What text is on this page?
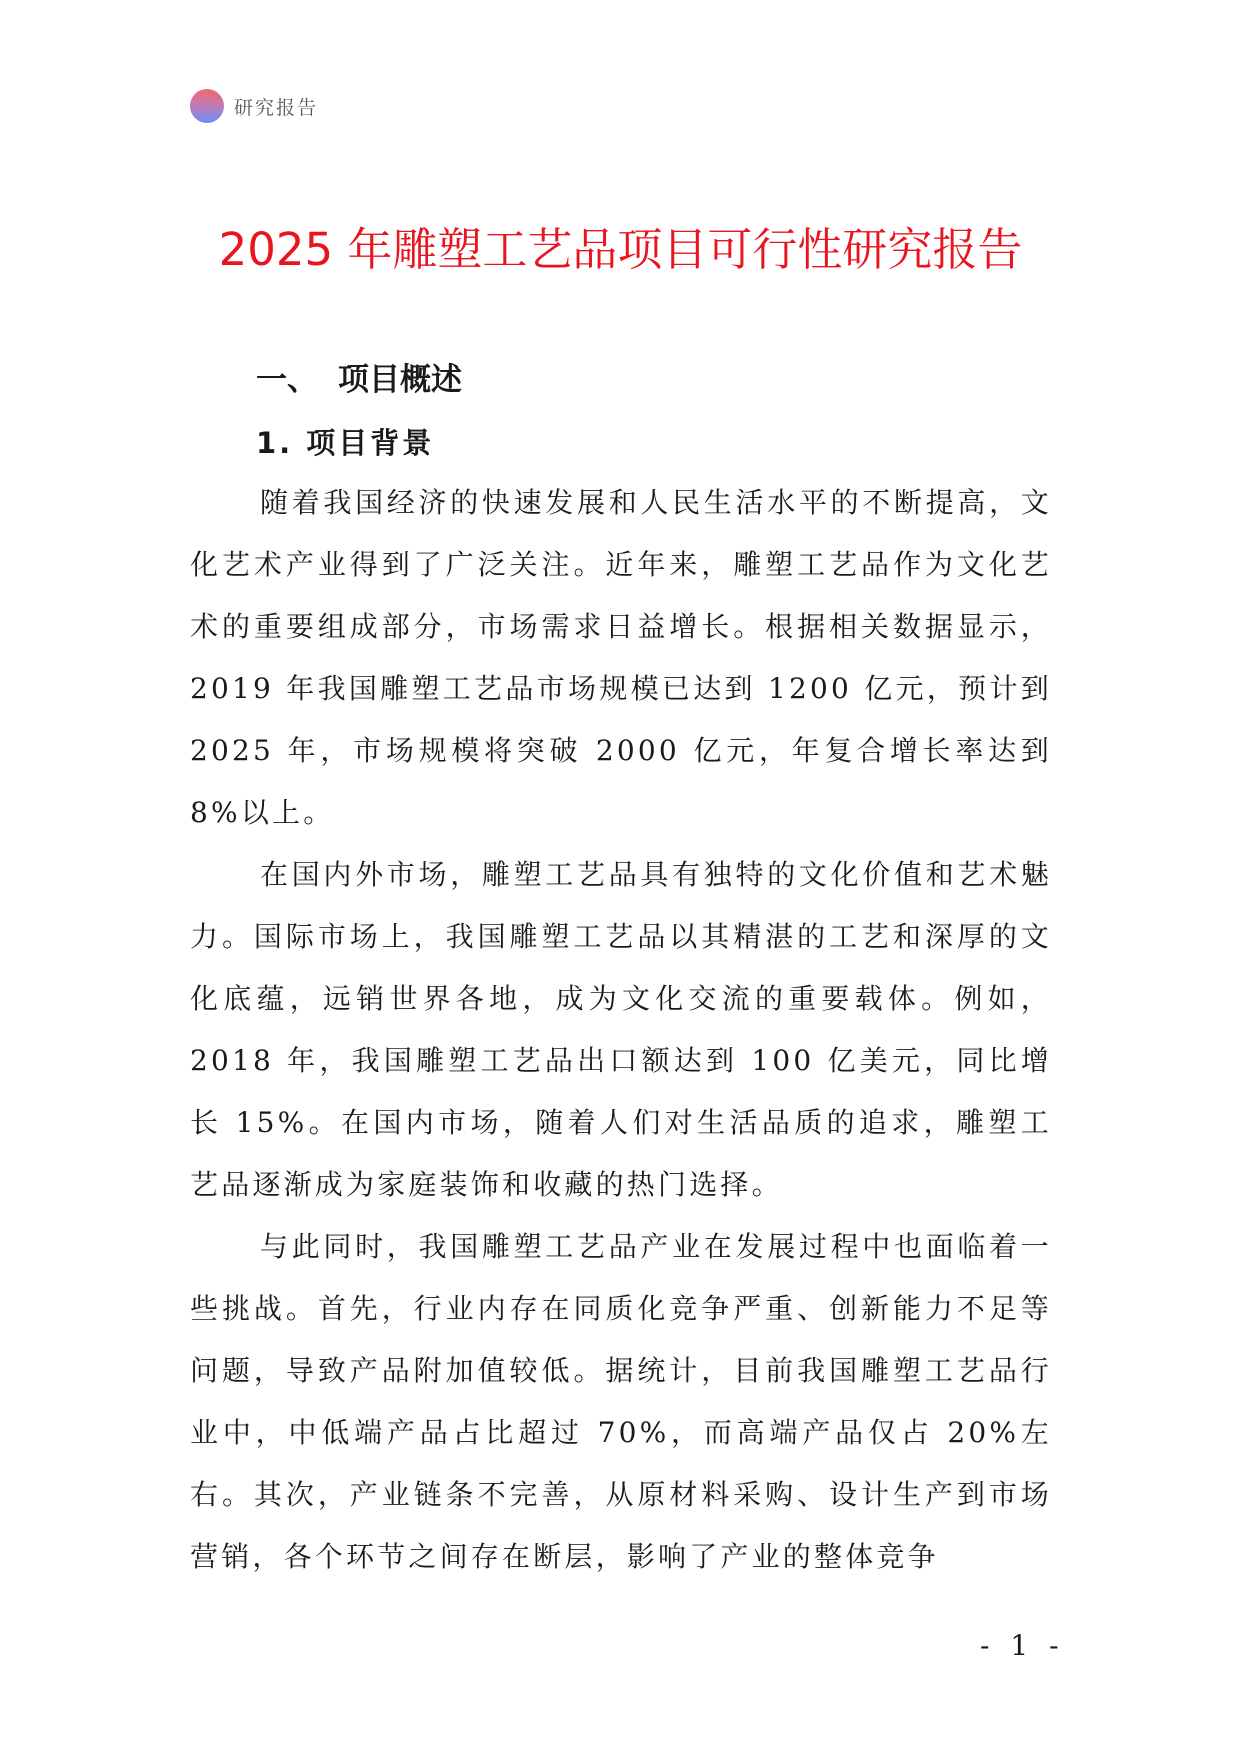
研究报告
2025 年雕塑工艺品项目可行性研究报告
一、 项目概述
1. 项目背景

随着我国经济的快速发展和人民生活水平的不断提高，文化艺术产业得到了广泛关注。近年来，雕塑工艺品作为文化艺术的重要组成部分，市场需求日益增长。根据相关数据显示，2019 年我国雕塑工艺品市场规模已达到 1200 亿元，预计到 2025 年，市场规模将突破 2000 亿元，年复合增长率达到 8%以上。

在国内外市场，雕塑工艺品具有独特的文化价值和艺术魅力。国际市场上，我国雕塑工艺品以其精湛的工艺和深厚的文化底蕴，远销世界各地，成为文化交流的重要载体。例如，2018 年，我国雕塑工艺品出口额达到 100 亿美元，同比增长 15%。在国内市场，随着人们对生活品质的追求，雕塑工艺品逐渐成为家庭装饰和收藏的热门选择。

与此同时，我国雕塑工艺品产业在发展过程中也面临着一些挑战。首先，行业内存在同质化竞争严重、创新能力不足等问题，导致产品附加值较低。据统计，目前我国雕塑工艺品行业中，中低端产品占比超过 70%，而高端产品仅占 20%左右。其次，产业链条不完善，从原材料采购、设计生产到市场营销，各个环节之间存在断层，影响了产业的整体竞争

- 1 -
